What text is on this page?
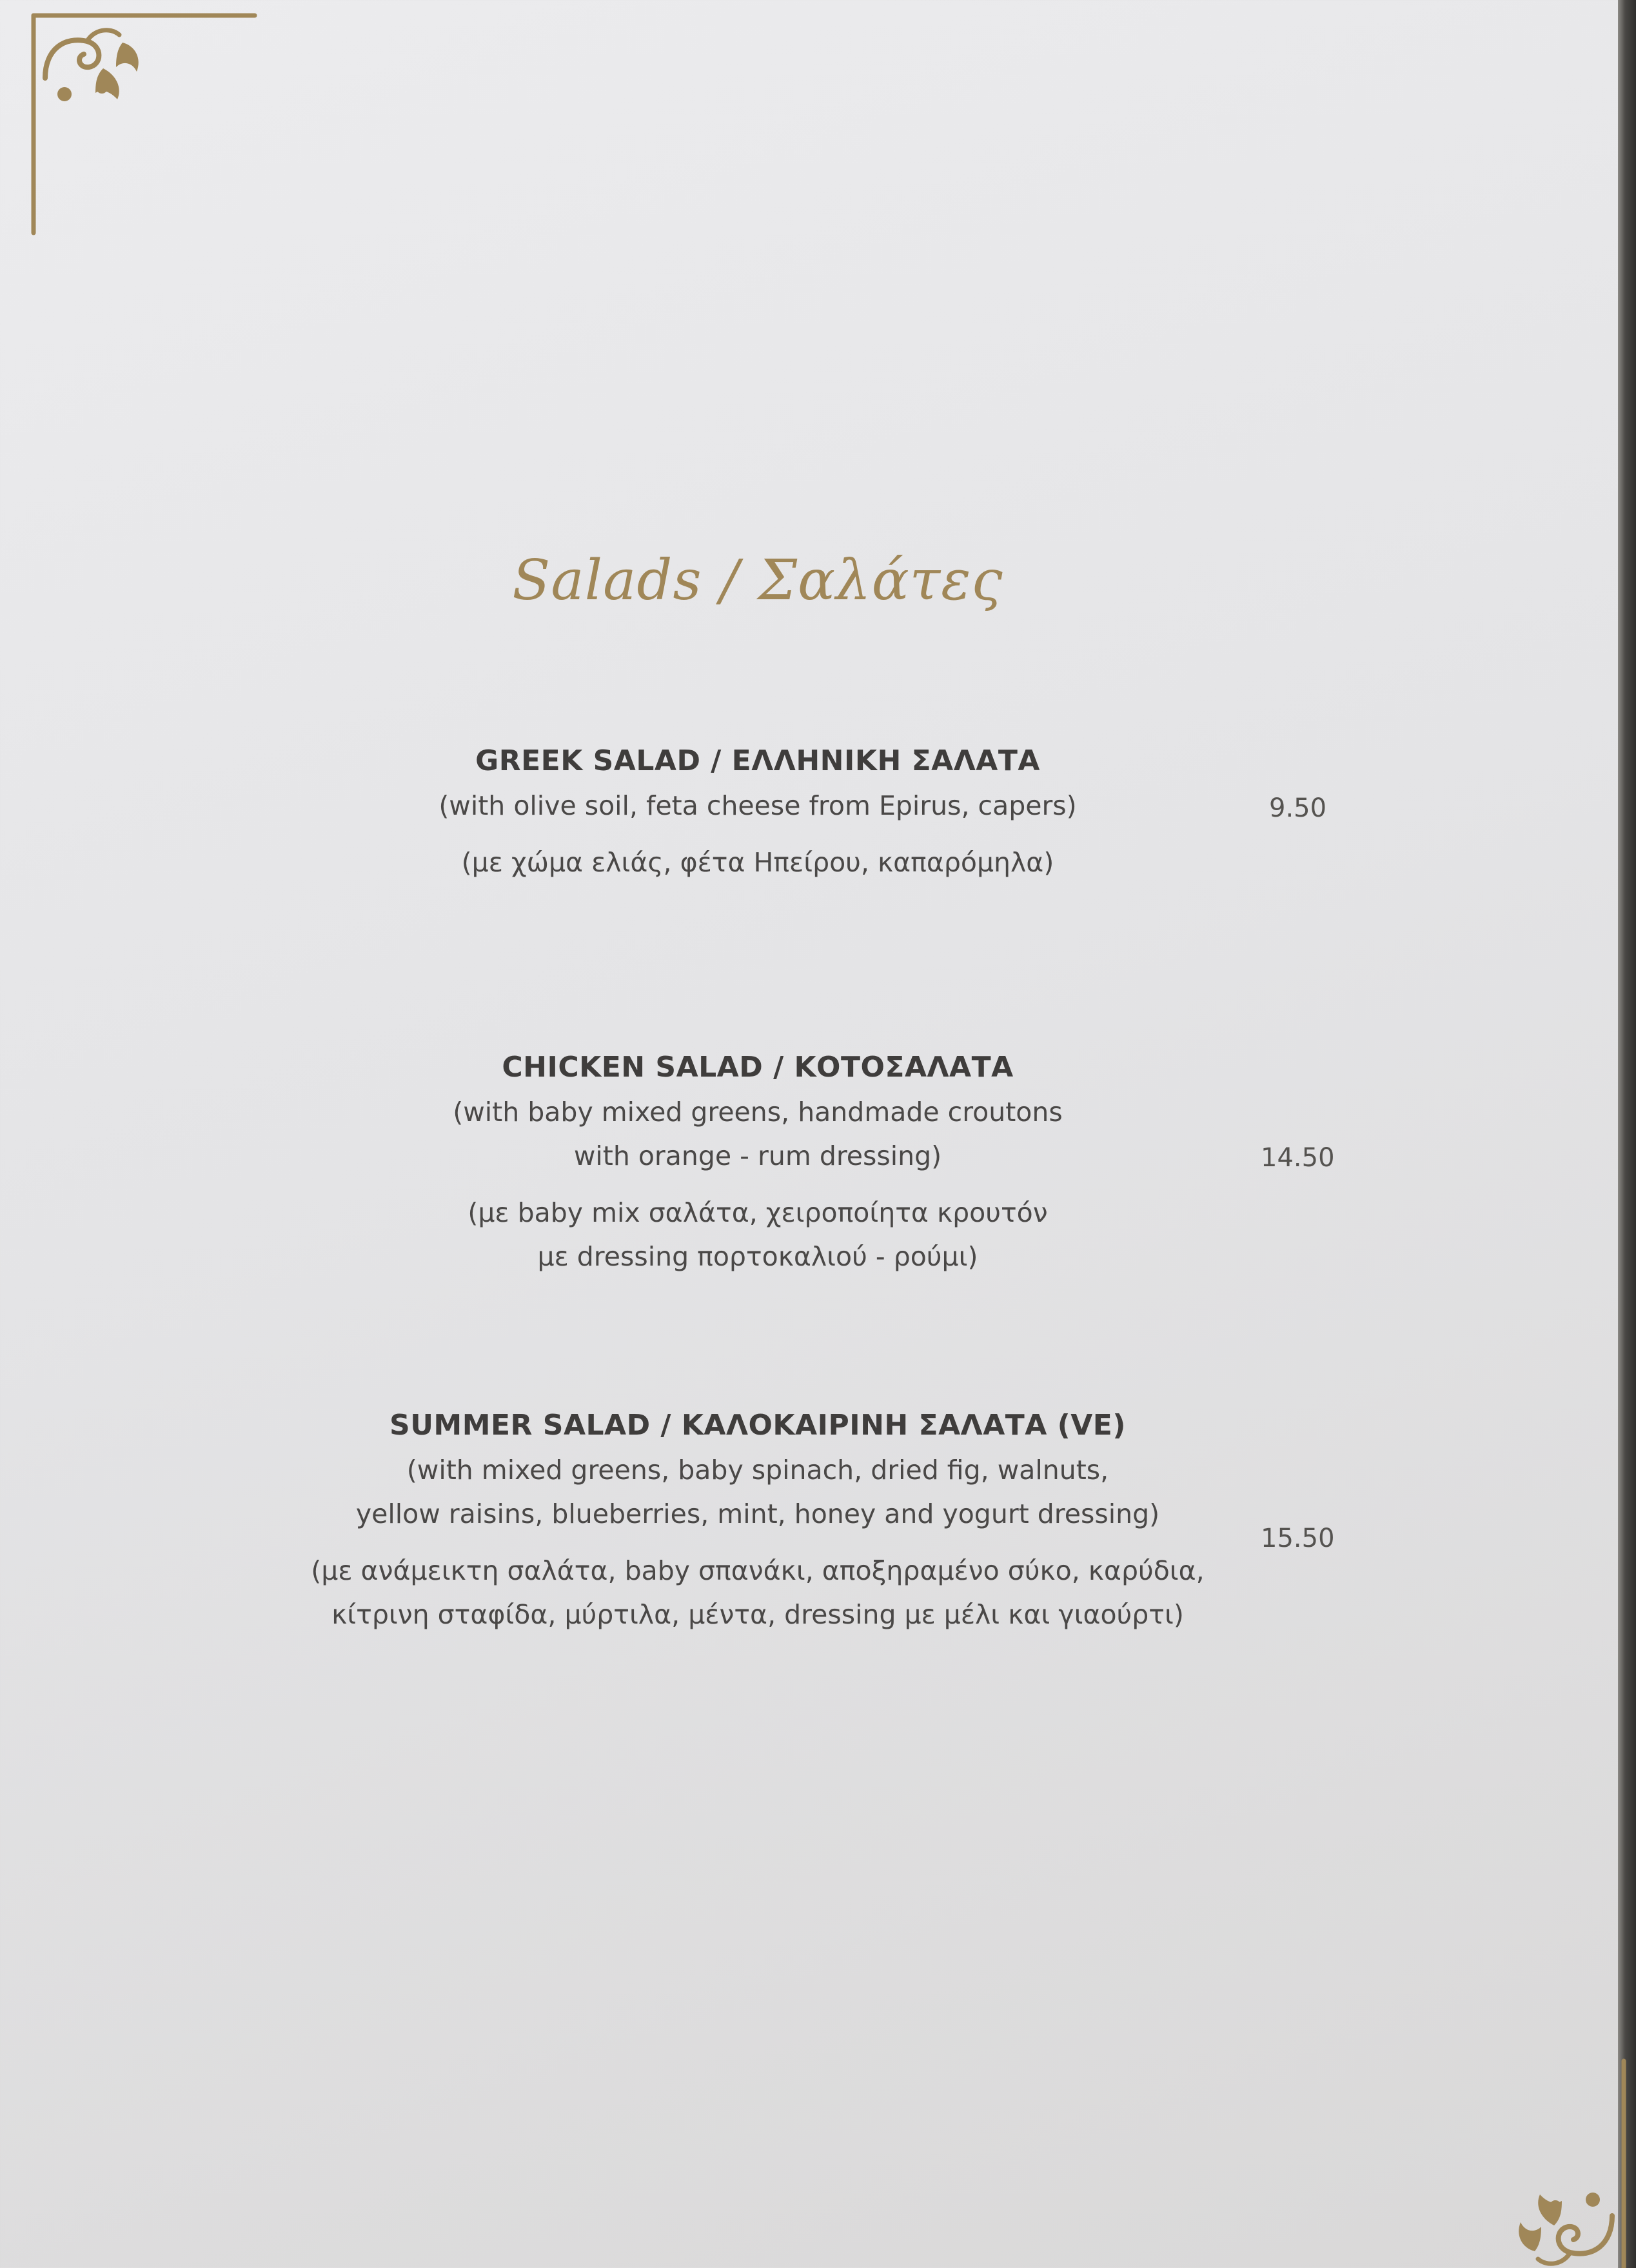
Salads / Σαλάτες
GREEK SALAD / ΕΛΛΗΝΙΚΗ ΣΑΛΑΤΑ
(with olive soil, feta cheese from Epirus, capers)
(με χώμα ελιάς, φέτα Ηπείρου, καπαρόμηλα)
9.50
CHICKEN SALAD / ΚΟΤΟΣΑΛΑΤΑ
(with baby mixed greens, handmade croutons
with orange - rum dressing)
(με baby mix σαλάτα, χειροποίητα κρουτόν
με dressing πορτοκαλιού - ρούμι)
14.50
SUMMER SALAD / ΚΑΛΟΚΑΙΡΙΝΗ ΣΑΛΑΤΑ (VE)
(with mixed greens, baby spinach, dried fig, walnuts,
yellow raisins, blueberries, mint, honey and yogurt dressing)
(με ανάμεικτη σαλάτα, baby σπανάκι, αποξηραμένο σύκο, καρύδια,
κίτρινη σταφίδα, μύρτιλα, μέντα, dressing με μέλι και γιαούρτι)
15.50
